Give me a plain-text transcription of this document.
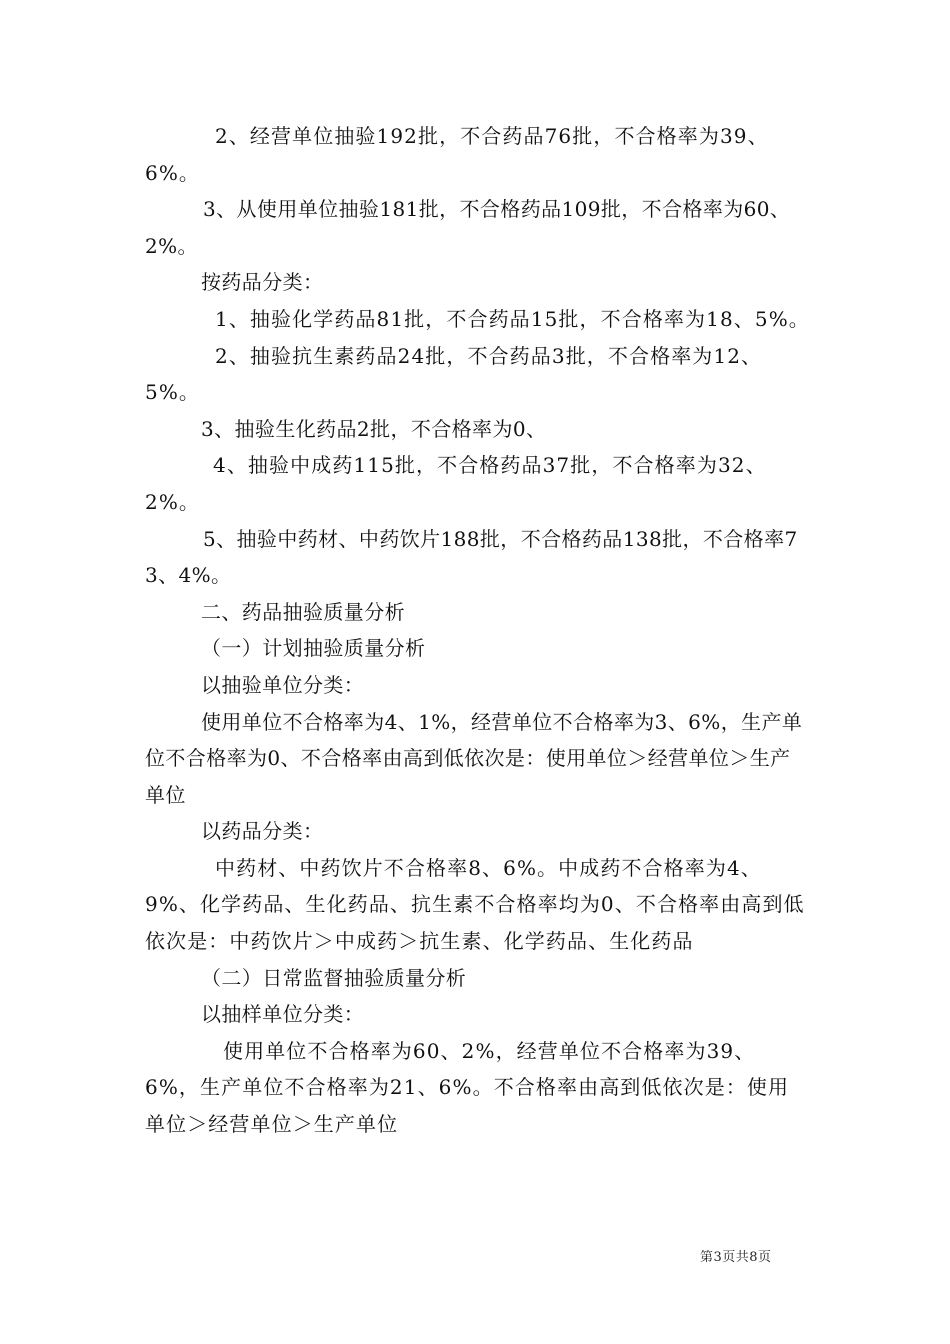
2、经营单位抽验192批，不合药品76批，不合格率为39、6%。

3、从使用单位抽验181批，不合格药品109批，不合格率为60、2%。

按药品分类：

1、抽验化学药品81批，不合药品15批，不合格率为18、5%。

2、抽验抗生素药品24批，不合药品3批，不合格率为12、5%。

3、抽验生化药品2批，不合格率为0、

4、抽验中成药115批，不合格药品37批，不合格率为32、2%。

5、抽验中药材、中药饮片188批，不合格药品138批，不合格率73、4%。

二、药品抽验质量分析

（一）计划抽验质量分析

以抽验单位分类：

使用单位不合格率为4、1%，经营单位不合格率为3、6%，生产单位不合格率为0、不合格率由高到低依次是：使用单位＞经营单位＞生产单位

以药品分类：

中药材、中药饮片不合格率8、6%。中成药不合格率为4、9%、化学药品、生化药品、抗生素不合格率均为0、不合格率由高到低依次是：中药饮片＞中成药＞抗生素、化学药品、生化药品

（二）日常监督抽验质量分析

以抽样单位分类：

使用单位不合格率为60、2%，经营单位不合格率为39、6%，生产单位不合格率为21、6%。不合格率由高到低依次是：使用单位＞经营单位＞生产单位

第3页共8页
